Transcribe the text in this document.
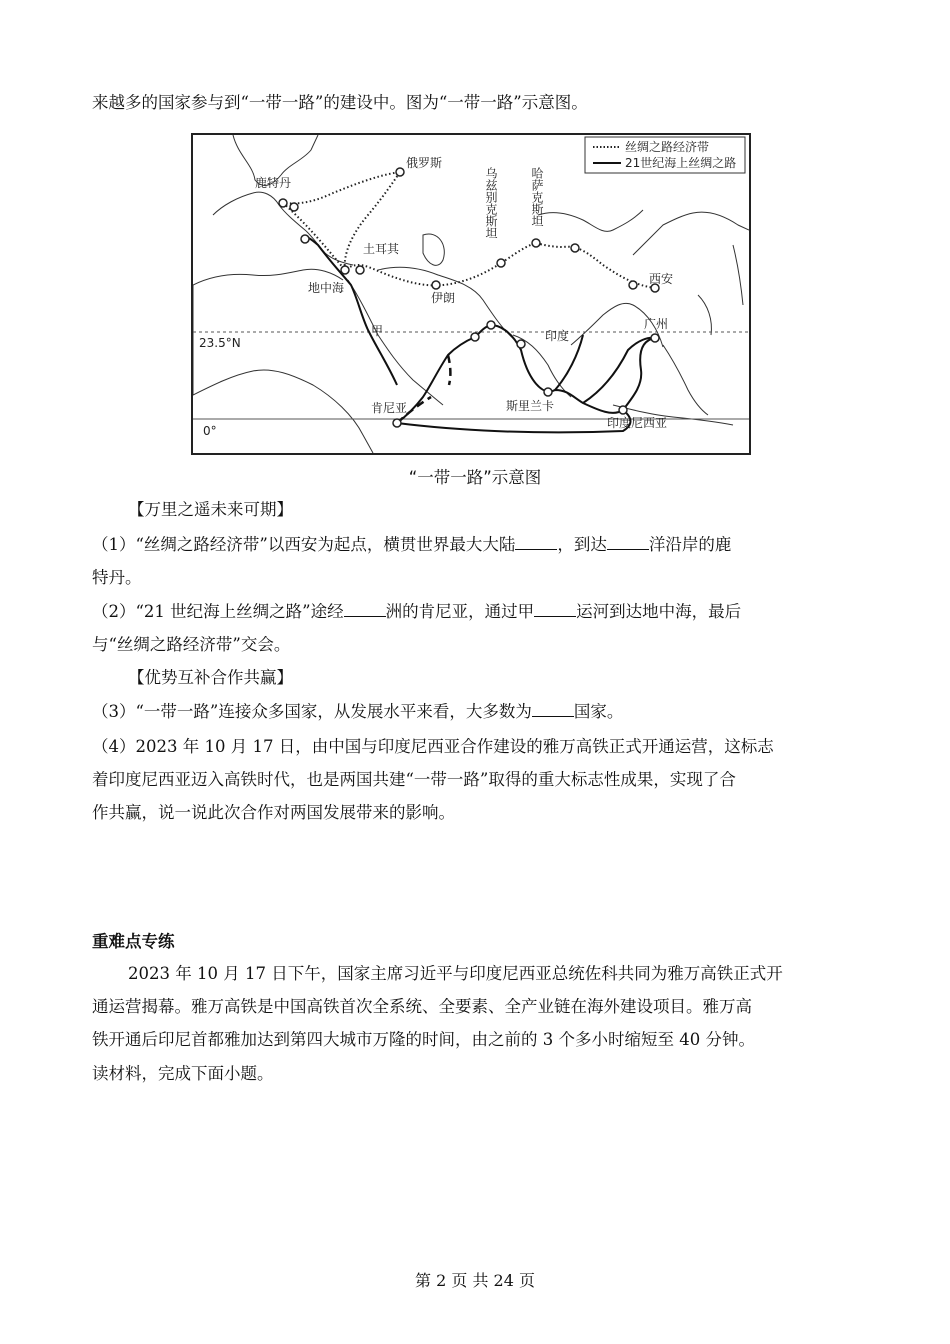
来越多的国家参与到“一带一路”的建设中。图为“一带一路”示意图。
丝绸之路经济带
21世纪海上丝绸之路
俄罗斯
鹿特丹
土耳其
地中海
伊朗
西安
广州
印度
甲
肯尼亚	斯里兰卡
印度尼西亚
23.5°N
0°
乌兹别克斯坦	哈萨克斯坦
“一带一路”示意图
【万里之遥未来可期】
（1）“丝绸之路经济带”以西安为起点，横贯世界最大大陆	，到达	洋沿岸的鹿
特丹。
（2）“21 世纪海上丝绸之路”途经	洲的肯尼亚，通过甲	运河到达地中海，最后
与“丝绸之路经济带”交会。
【优势互补合作共赢】
（3）“一带一路”连接众多国家，从发展水平来看，大多数为	国家。
（4）2023 年 10 月 17 日，由中国与印度尼西亚合作建设的雅万高铁正式开通运营，这标志
着印度尼西亚迈入高铁时代，也是两国共建“一带一路”取得的重大标志性成果，实现了合
作共赢，说一说此次合作对两国发展带来的影响。
重难点专练
2023 年 10 月 17 日下午，国家主席习近平与印度尼西亚总统佐科共同为雅万高铁正式开
通运营揭幕。雅万高铁是中国高铁首次全系统、全要素、全产业链在海外建设项目。雅万高
铁开通后印尼首都雅加达到第四大城市万隆的时间，由之前的 3 个多小时缩短至 40 分钟。
读材料，完成下面小题。
第 2 页 共 24 页
